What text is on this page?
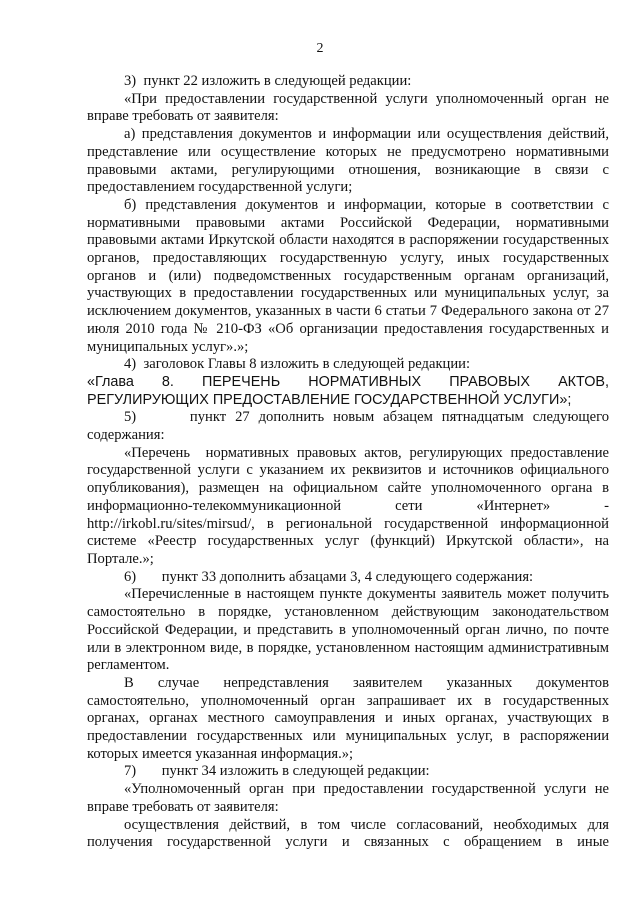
2

3)  пункт 22 изложить в следующей редакции:

«При предоставлении государственной услуги уполномоченный орган не вправе требовать от заявителя:

а) представления документов и информации или осуществления действий, представление или осуществление которых не предусмотрено нормативными правовыми актами, регулирующими отношения, возникающие в связи с предоставлением государственной услуги;

б) представления документов и информации, которые в соответствии с нормативными правовыми актами Российской Федерации, нормативными правовыми актами Иркутской области находятся в распоряжении государственных органов, предоставляющих государственную услугу, иных государственных органов и (или) подведомственных государственным органам организаций, участвующих в предоставлении государственных или муниципальных услуг, за исключением документов, указанных в части 6 статьи 7 Федерального закона от 27 июля 2010 года № 210-ФЗ «Об организации предоставления государственных и муниципальных услуг».»;

4)  заголовок Главы 8 изложить в следующей редакции:

«Глава 8. ПЕРЕЧЕНЬ НОРМАТИВНЫХ ПРАВОВЫХ АКТОВ,
РЕГУЛИРУЮЩИХ ПРЕДОСТАВЛЕНИЕ ГОСУДАРСТВЕННОЙ УСЛУГИ»;

5)      пункт 27 дополнить новым абзацем пятнадцатым следующего содержания:

«Перечень  нормативных правовых актов, регулирующих предоставление государственной услуги с указанием их реквизитов и источников официального опубликования), размещен на официальном сайте уполномоченного органа в информационно-телекоммуникационной сети «Интернет» - http://irkobl.ru/sites/mirsud/, в региональной государственной информационной системе «Реестр государственных услуг (функций) Иркутской области», на Портале.»;

6)       пункт 33 дополнить абзацами 3, 4 следующего содержания:

«Перечисленные в настоящем пункте документы заявитель может получить самостоятельно в порядке, установленном действующим законодательством Российской Федерации, и представить в уполномоченный орган лично, по почте или в электронном виде, в порядке, установленном настоящим административным регламентом.

В случае непредставления заявителем указанных документов самостоятельно, уполномоченный орган запрашивает их в государственных органах, органах местного самоуправления и иных органах, участвующих в предоставлении государственных или муниципальных услуг, в распоряжении которых имеется указанная информация.»;

7)       пункт 34 изложить в следующей редакции:

«Уполномоченный орган при предоставлении государственной услуги не вправе требовать от заявителя:

осуществления действий, в том числе согласований, необходимых для получения государственной услуги и связанных с обращением в иные
